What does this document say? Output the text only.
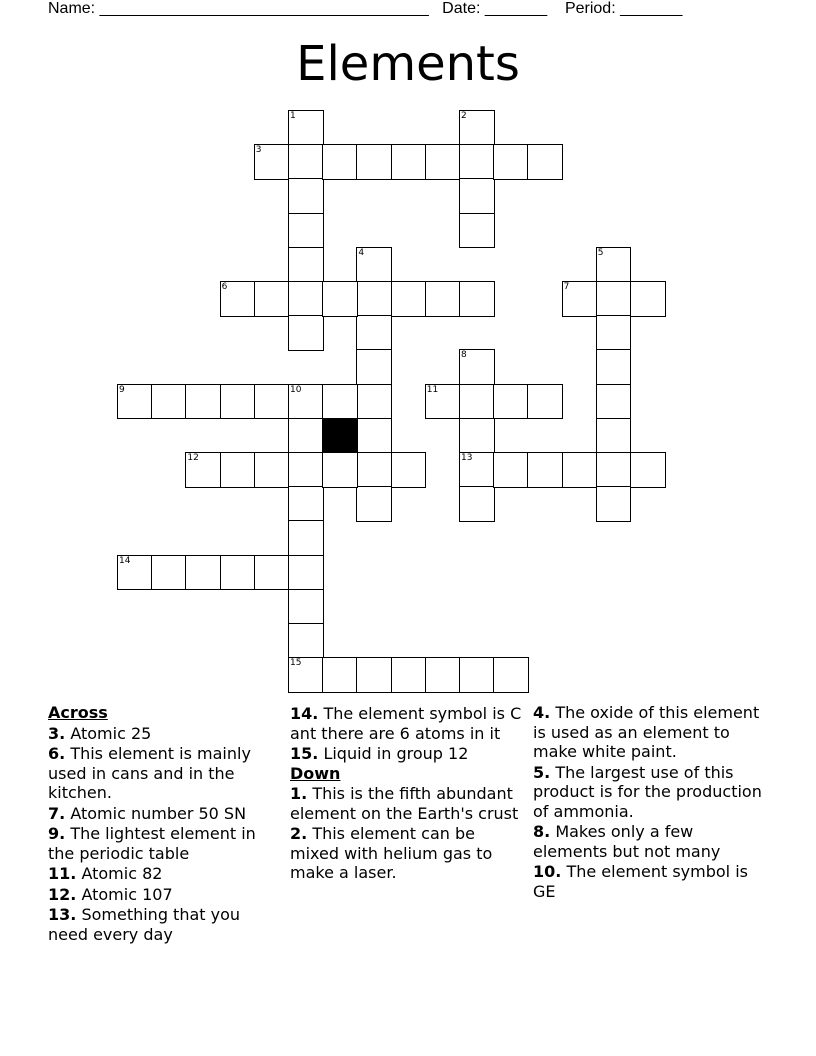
Name: _____________________________________ Date: _______ Period: _______
Elements
1
10
15
2
3
4	5
6	7
8
13
9	11
12
14
Across
3. Atomic 25
6. This element is mainly used in cans and in the kitchen.
7. Atomic number 50 SN
9. The lightest element in the periodic table
11. Atomic 82
12. Atomic 107
13. Something that you need every day
14. The element symbol is C ant there are 6 atoms in it
15. Liquid in group 12
Down
1. This is the fifth abundant element on the Earth's crust
2. This element can be mixed with helium gas to make a laser.
4. The oxide of this element is used as an element to make white paint.
5. The largest use of this product is for the production of ammonia.
8. Makes only a few elements but not many
10. The element symbol is GE
